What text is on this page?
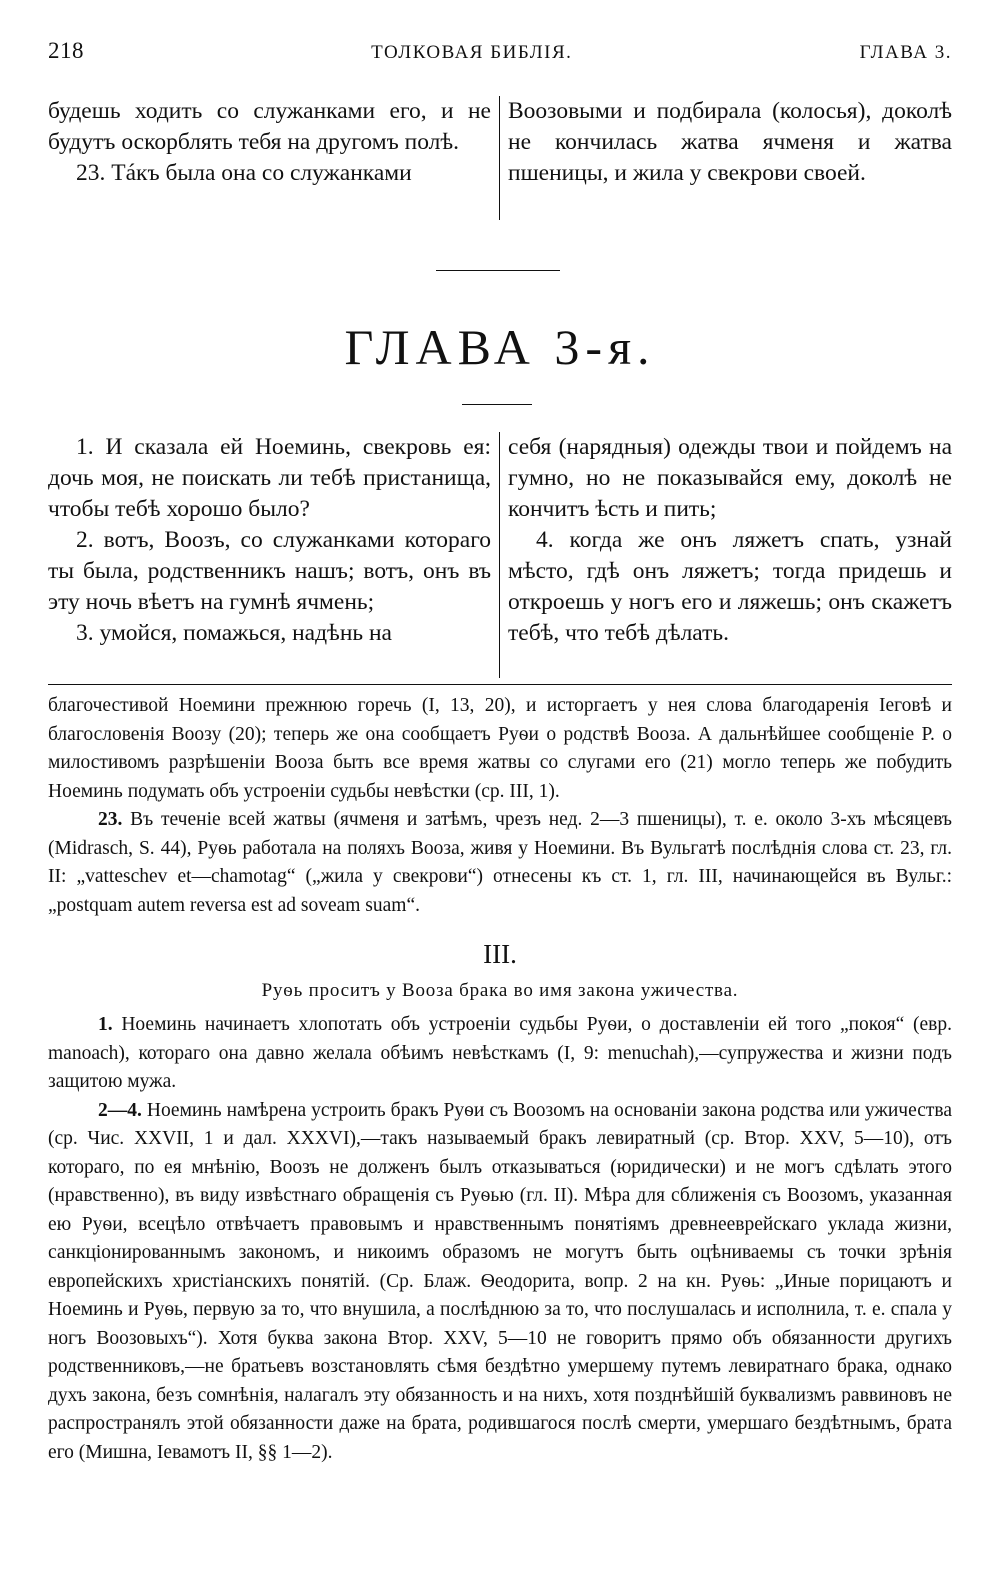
218	ТОЛКОВАЯ БИБЛІЯ.	ГЛАВА 3.

будешь ходить со служанками его, и не будутъ оскорблять тебя на другомъ полѣ.

23. Тáкъ была она со служанками

Воозовыми и подбирала (колосья), доколѣ не кончилась жатва ячменя и жатва пшеницы, и жила у свекрови своей.

ГЛАВА 3-я.

1. И сказала ей Ноеминь, свекровь ея: дочь моя, не поискать ли тебѣ пристанища, чтобы тебѣ хорошо было?

2. вотъ, Воозъ, со служанками котораго ты была, родственникъ нашъ; вотъ, онъ въ эту ночь вѣетъ на гумнѣ ячмень;

3. умойся, помажься, надѣнь на

себя (нарядныя) одежды твои и пойдемъ на гумно, но не показывайся ему, доколѣ не кончитъ ѣсть и пить;

4. когда же онъ ляжетъ спать, узнай мѣсто, гдѣ онъ ляжетъ; тогда придешь и откроешь у ногъ его и ляжешь; онъ скажетъ тебѣ, что тебѣ дѣлать.

благочестивой Ноемини прежнюю горечь (I, 13, 20), и исторгаетъ у нея слова благодаренія Іеговѣ и благословенія Воозу (20); теперь же она сообщаетъ Руѳи о родствѣ Вооза. А дальнѣйшее сообщеніе Р. о милостивомъ разрѣшеніи Вооза быть все время жатвы со слугами его (21) могло теперь же побудить Ноеминь подумать объ устроеніи судьбы невѣстки (ср. III, 1).

23. Въ теченіе всей жатвы (ячменя и затѣмъ, чрезъ нед. 2—3 пшеницы), т. е. около 3-хъ мѣсяцевъ (Midrasch, S. 44), Руѳь работала на поляхъ Вооза, живя у Ноемини. Въ Вульгатѣ послѣднія слова ст. 23, гл. II: „vatteschev et—chamotag“ („жила у свекрови“) отнесены къ ст. 1, гл. III, начинающейся въ Вульг.: „postquam autem reversa est ad soveam suam“.

III.
Руѳь проситъ у Вооза брака во имя закона ужичества.

1. Ноеминь начинаетъ хлопотать объ устроеніи судьбы Руѳи, о доставленіи ей того „покоя“ (евр. manoach), котораго она давно желала обѣимъ невѣсткамъ (I, 9: menuchah),—супружества и жизни подъ защитою мужа.

2—4. Ноеминь намѣрена устроить бракъ Руѳи съ Воозомъ на основаніи закона родства или ужичества (ср. Чис. XXVII, 1 и дал. XXXVI),—такъ называемый бракъ левиратный (ср. Втор. XXV, 5—10), отъ котораго, по ея мнѣнію, Воозъ не долженъ былъ отказываться (юридически) и не могъ сдѣлать этого (нравственно), въ виду извѣстнаго обращенія съ Руѳью (гл. II). Мѣра для сближенія съ Воозомъ, указанная ею Руѳи, всецѣло отвѣчаетъ правовымъ и нравственнымъ понятіямъ древнееврейскаго уклада жизни, санкціонированнымъ закономъ, и никоимъ образомъ не могутъ быть оцѣниваемы съ точки зрѣнія европейскихъ христіанскихъ понятій. (Ср. Блаж. Ѳеодорита, вопр. 2 на кн. Руѳь: „Иные порицаютъ и Ноеминь и Руѳь, первую за то, что внушила, а послѣднюю за то, что послушалась и исполнила, т. е. спала у ногъ Воозовыхъ“). Хотя буква закона Втор. XXV, 5—10 не говоритъ прямо объ обязанности другихъ родственниковъ,—не братьевъ возстановлять сѣмя бездѣтно умершему путемъ левиратнаго брака, однако духъ закона, безъ сомнѣнія, налагалъ эту обязанность и на нихъ, хотя позднѣйшій буквализмъ раввиновъ не распространялъ этой обязанности даже на брата, родившагося послѣ смерти, умершаго бездѣтнымъ, брата его (Мишна, Іевамотъ II, §§ 1—2).
